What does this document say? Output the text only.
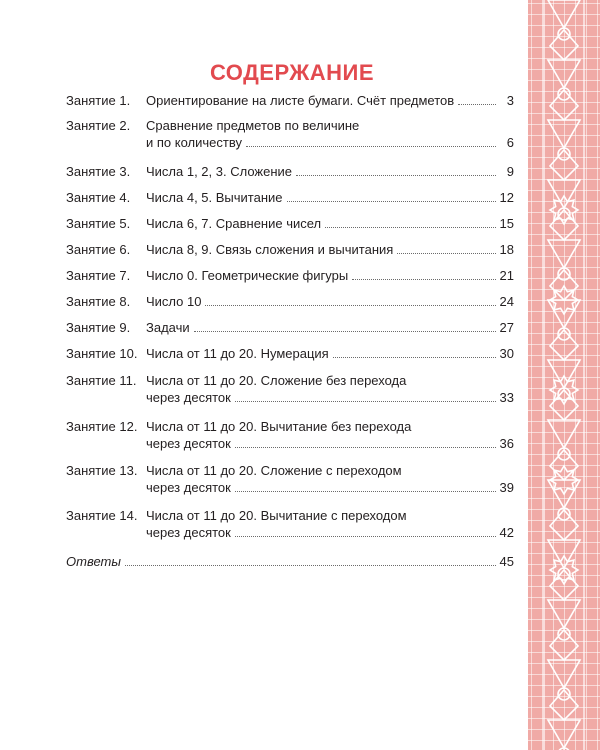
СОДЕРЖАНИЕ
Занятие 1.	Ориентирование на листе бумаги. Счёт предметов	3
Занятие 2.	Сравнение предметов по величине
и по количеству	6
Занятие 3.	Числа 1, 2, 3. Сложение	9
Занятие 4.	Числа 4, 5. Вычитание	12
Занятие 5.	Числа 6, 7. Сравнение чисел	15
Занятие 6.	Числа 8, 9. Связь сложения и вычитания	18
Занятие 7.	Число 0. Геометрические фигуры	21
Занятие 8.	Число 10	24
Занятие 9.	Задачи	27
Занятие 10. Числа от 11 до 20. Нумерация	30
Занятие 11. Числа от 11 до 20. Сложение без перехода
через десяток	33
Занятие 12. Числа от 11 до 20. Вычитание без перехода
через десяток	36
Занятие 13. Числа от 11 до 20. Сложение с переходом
через десяток	39
Занятие 14. Числа от 11 до 20. Вычитание с переходом
через десяток	42
Ответы	45
